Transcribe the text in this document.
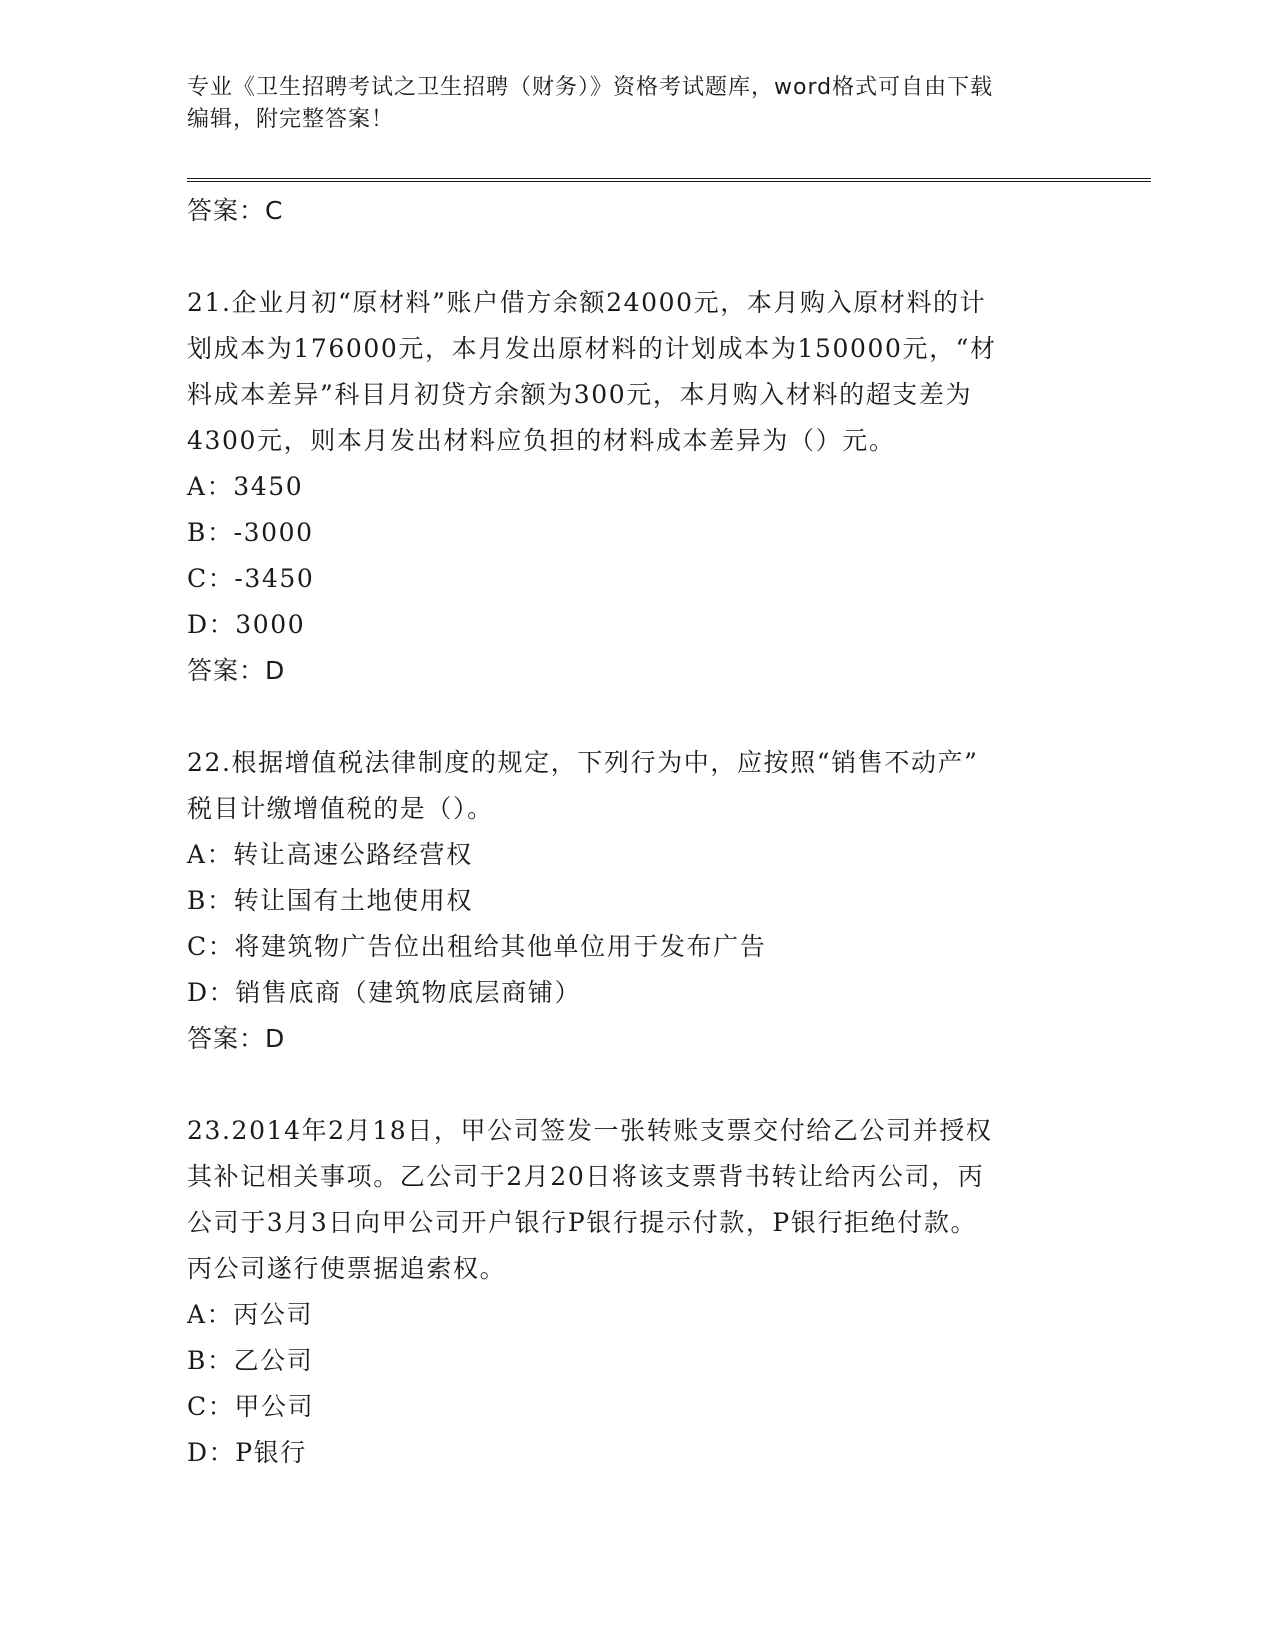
专业《卫生招聘考试之卫生招聘（财务）》资格考试题库，word格式可自由下载
编辑，附完整答案！

答案：C

21.企业月初“原材料”账户借方余额24000元，本月购入原材料的计

划成本为176000元，本月发出原材料的计划成本为150000元，“材

料成本差异”科目月初贷方余额为300元，本月购入材料的超支差为

4300元，则本月发出材料应负担的材料成本差异为（）元。

A：3450

B：-3000

C：-3450

D：3000

答案：D

22.根据增值税法律制度的规定，下列行为中，应按照“销售不动产”

税目计缴增值税的是（）。

A：转让高速公路经营权

B：转让国有土地使用权

C：将建筑物广告位出租给其他单位用于发布广告

D：销售底商（建筑物底层商铺）

答案：D

23.2014年2月18日，甲公司签发一张转账支票交付给乙公司并授权

其补记相关事项。乙公司于2月20日将该支票背书转让给丙公司，丙

公司于3月3日向甲公司开户银行P银行提示付款，P银行拒绝付款。

丙公司遂行使票据追索权。

A：丙公司

B：乙公司

C：甲公司

D：P银行
